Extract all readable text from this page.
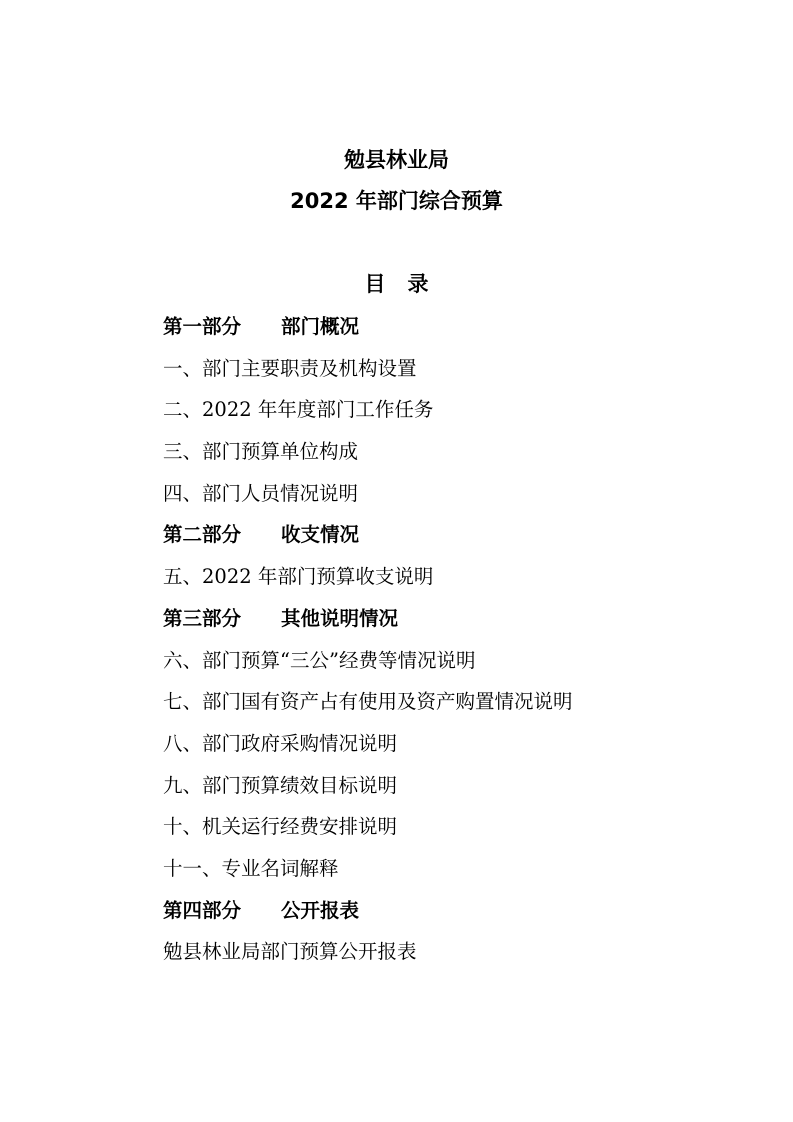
勉县林业局
2022 年部门综合预算
目 录
第一部分 部门概况
一、部门主要职责及机构设置
二、2022 年年度部门工作任务
三、部门预算单位构成
四、部门人员情况说明
第二部分 收支情况
五、2022 年部门预算收支说明
第三部分 其他说明情况
六、部门预算“三公”经费等情况说明
七、部门国有资产占有使用及资产购置情况说明
八、部门政府采购情况说明
九、部门预算绩效目标说明
十、机关运行经费安排说明
十一、专业名词解释
第四部分 公开报表
勉县林业局部门预算公开报表
